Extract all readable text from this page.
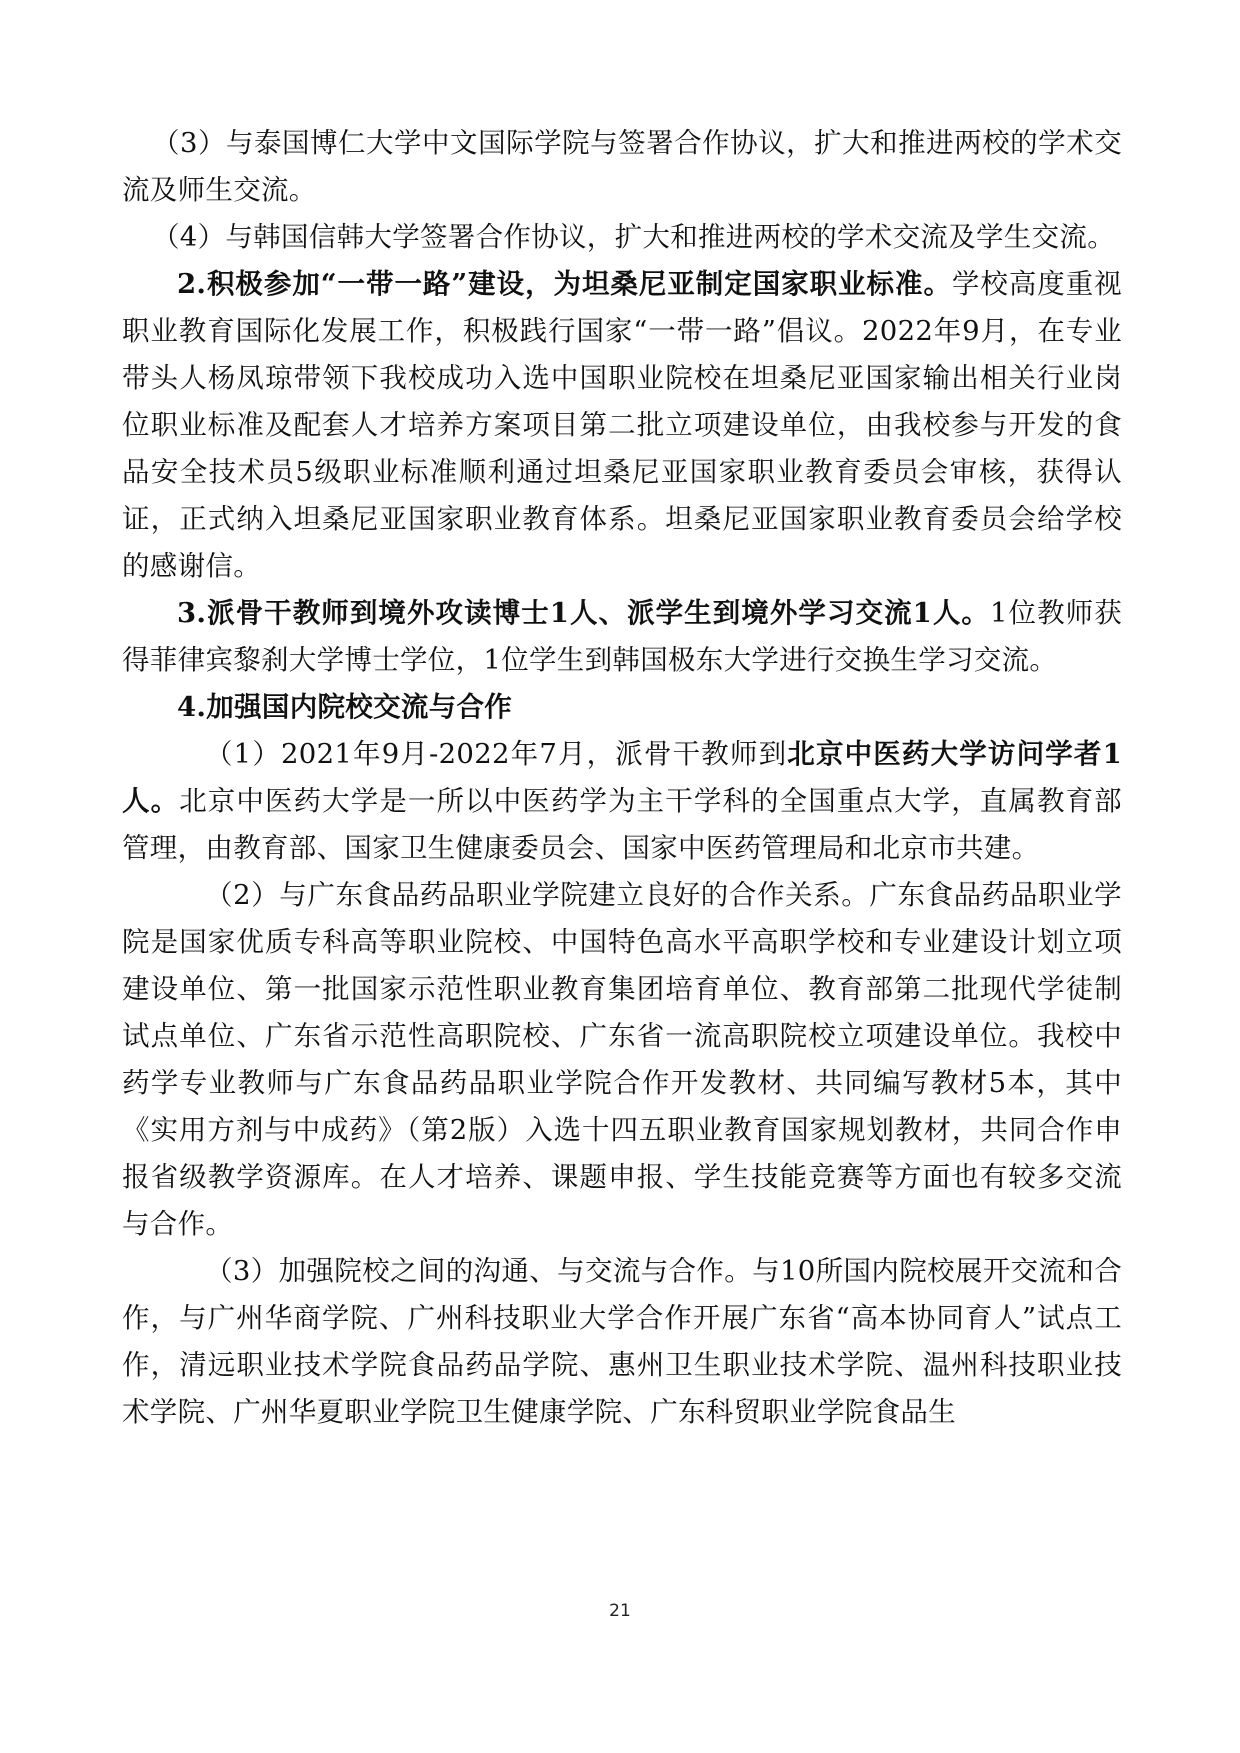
（3）与泰国博仁大学中文国际学院与签署合作协议，扩大和推进两校的学术交流及师生交流。

（4）与韩国信韩大学签署合作协议，扩大和推进两校的学术交流及学生交流。

2.积极参加“一带一路”建设，为坦桑尼亚制定国家职业标准。学校高度重视职业教育国际化发展工作，积极践行国家“一带一路”倡议。2022年9月，在专业带头人杨凤琼带领下我校成功入选中国职业院校在坦桑尼亚国家输出相关行业岗位职业标准及配套人才培养方案项目第二批立项建设单位，由我校参与开发的食品安全技术员5级职业标准顺利通过坦桑尼亚国家职业教育委员会审核，获得认证，正式纳入坦桑尼亚国家职业教育体系。坦桑尼亚国家职业教育委员会给学校的感谢信。

3.派骨干教师到境外攻读博士1人、派学生到境外学习交流1人。1位教师获得菲律宾黎刹大学博士学位，1位学生到韩国极东大学进行交换生学习交流。

4.加强国内院校交流与合作

（1）2021年9月-2022年7月，派骨干教师到北京中医药大学访问学者1人。北京中医药大学是一所以中医药学为主干学科的全国重点大学，直属教育部管理，由教育部、国家卫生健康委员会、国家中医药管理局和北京市共建。

（2）与广东食品药品职业学院建立良好的合作关系。广东食品药品职业学院是国家优质专科高等职业院校、中国特色高水平高职学校和专业建设计划立项建设单位、第一批国家示范性职业教育集团培育单位、教育部第二批现代学徒制试点单位、广东省示范性高职院校、广东省一流高职院校立项建设单位。我校中药学专业教师与广东食品药品职业学院合作开发教材、共同编写教材5本，其中《实用方剂与中成药》（第2版）入选十四五职业教育国家规划教材，共同合作申报省级教学资源库。在人才培养、课题申报、学生技能竞赛等方面也有较多交流与合作。

（3）加强院校之间的沟通、与交流与合作。与10所国内院校展开交流和合作，与广州华商学院、广州科技职业大学合作开展广东省“高本协同育人”试点工作，清远职业技术学院食品药品学院、惠州卫生职业技术学院、温州科技职业技术学院、广州华夏职业学院卫生健康学院、广东科贸职业学院食品生

21
